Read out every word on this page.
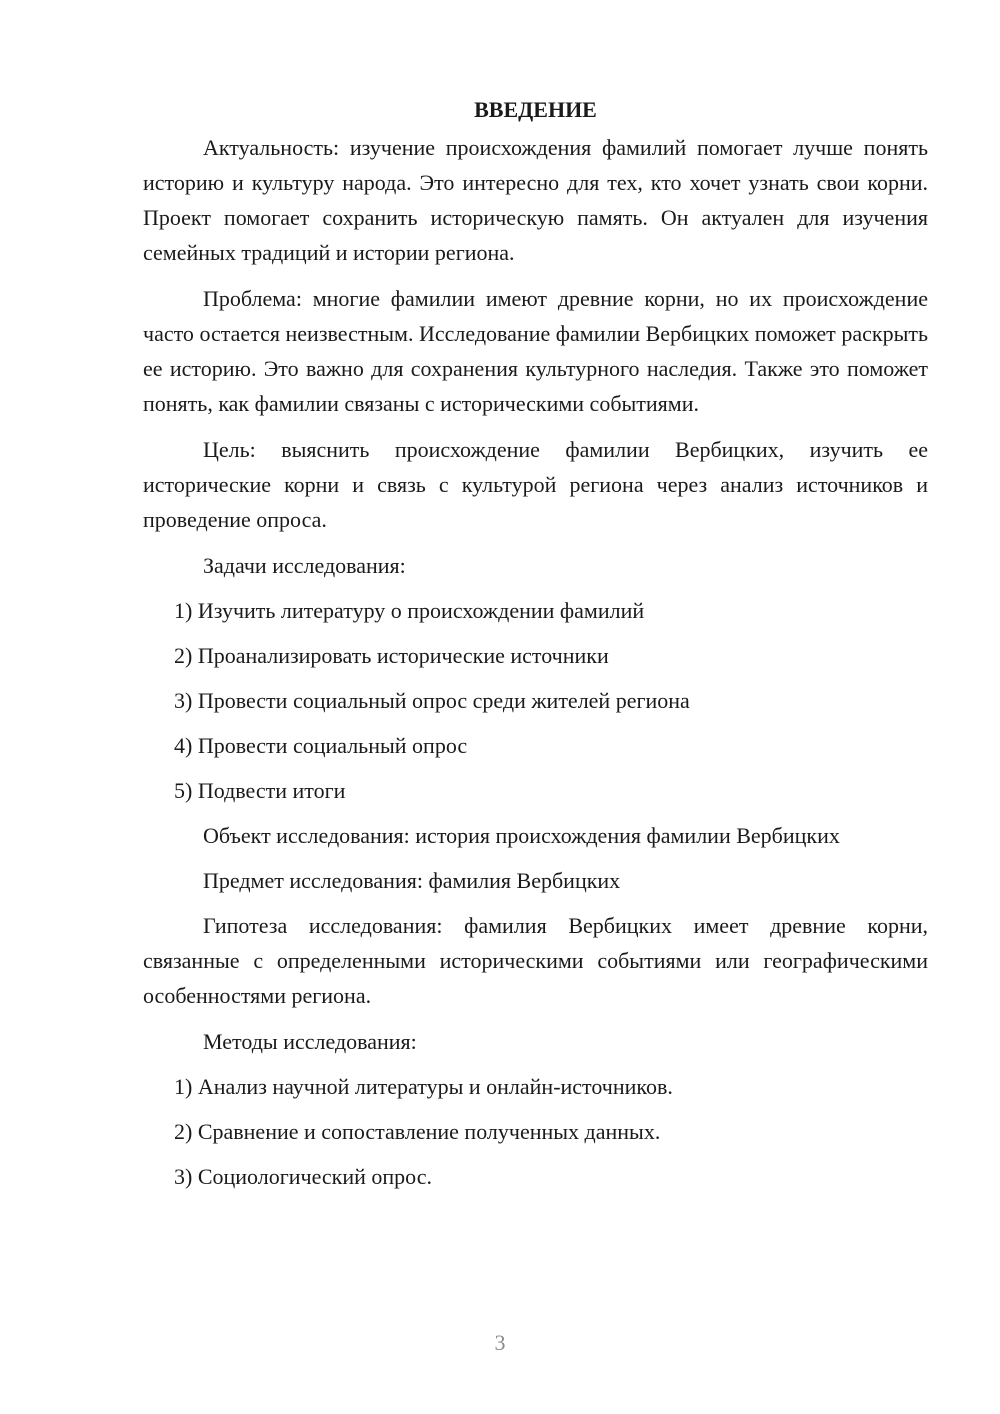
ВВЕДЕНИЕ

Актуальность: изучение происхождения фамилий помогает лучше понять историю и культуру народа. Это интересно для тех, кто хочет узнать свои корни. Проект помогает сохранить историческую память. Он актуален для изучения семейных традиций и истории региона.

Проблема: многие фамилии имеют древние корни, но их происхождение часто остается неизвестным. Исследование фамилии Вербицких поможет раскрыть ее историю. Это важно для сохранения культурного наследия. Также это поможет понять, как фамилии связаны с историческими событиями.

Цель: выяснить происхождение фамилии Вербицких, изучить ее исторические корни и связь с культурой региона через анализ источников и проведение опроса.

Задачи исследования:
1) Изучить литературу о происхождении фамилий
2) Проанализировать исторические источники
3) Провести социальный опрос среди жителей региона
4) Провести социальный опрос
5) Подвести итоги
Объект исследования: история происхождения фамилии Вербицких
Предмет исследования: фамилия Вербицких

Гипотеза исследования: фамилия Вербицких имеет древние корни, связанные с определенными историческими событиями или географическими особенностями региона.

Методы исследования:
1) Анализ научной литературы и онлайн-источников.
2) Сравнение и сопоставление полученных данных.
3) Социологический опрос.
3
